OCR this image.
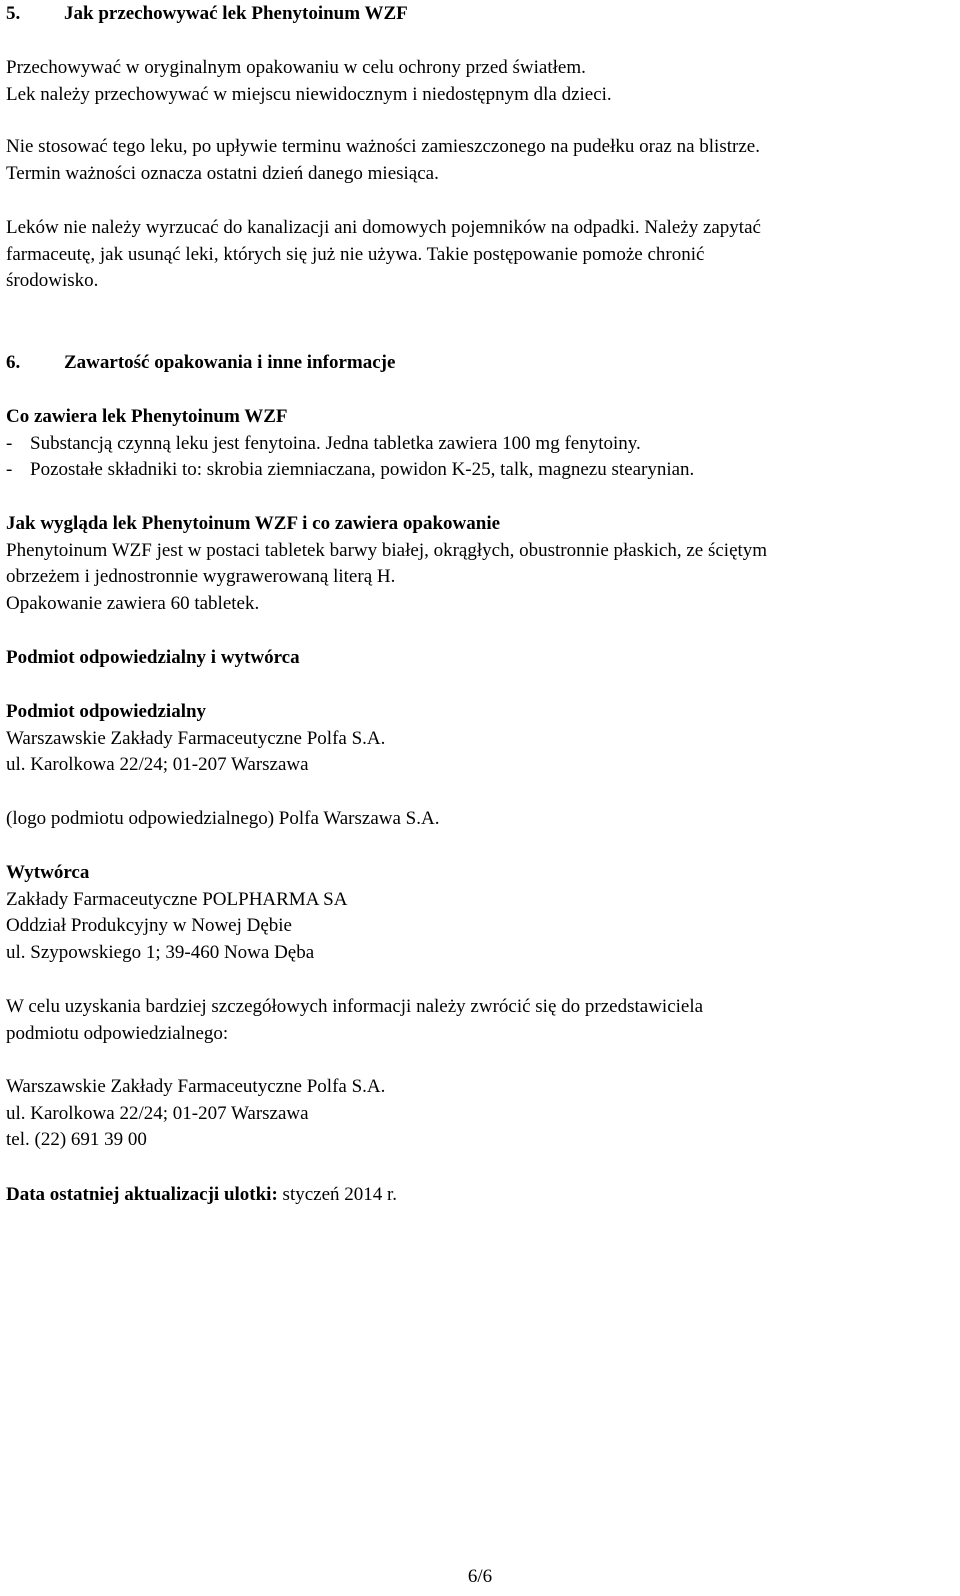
5. Jak przechowywać lek Phenytoinum WZF
Przechowywać w oryginalnym opakowaniu w celu ochrony przed światłem.
Lek należy przechowywać w miejscu niewidocznym i niedostępnym dla dzieci.
Nie stosować tego leku, po upływie terminu ważności zamieszczonego na pudełku oraz na blistrze.
Termin ważności oznacza ostatni dzień danego miesiąca.
Leków nie należy wyrzucać do kanalizacji ani domowych pojemników na odpadki. Należy zapytać
farmaceutę, jak usunąć leki, których się już nie używa. Takie postępowanie pomoże chronić
środowisko.
6. Zawartość opakowania i inne informacje
Co zawiera lek Phenytoinum WZF
- Substancją czynną leku jest fenytoina. Jedna tabletka zawiera 100 mg fenytoiny.
- Pozostałe składniki to: skrobia ziemniaczana, powidon K-25, talk, magnezu stearynian.
Jak wygląda lek Phenytoinum WZF i co zawiera opakowanie
Phenytoinum WZF jest w postaci tabletek barwy białej, okrągłych, obustronnie płaskich, ze ściętym
obrzeżem i jednostronnie wygrawerowaną literą H.
Opakowanie zawiera 60 tabletek.
Podmiot odpowiedzialny i wytwórca
Podmiot odpowiedzialny
Warszawskie Zakłady Farmaceutyczne Polfa S.A.
ul. Karolkowa 22/24; 01-207 Warszawa
(logo podmiotu odpowiedzialnego) Polfa Warszawa S.A.
Wytwórca
Zakłady Farmaceutyczne POLPHARMA SA
Oddział Produkcyjny w Nowej Dębie
ul. Szypowskiego 1; 39-460 Nowa Dęba
W celu uzyskania bardziej szczegółowych informacji należy zwrócić się do przedstawiciela
podmiotu odpowiedzialnego:
Warszawskie Zakłady Farmaceutyczne Polfa S.A.
ul. Karolkowa 22/24; 01-207 Warszawa
tel. (22) 691 39 00
Data ostatniej aktualizacji ulotki: styczeń 2014 r.
6/6
